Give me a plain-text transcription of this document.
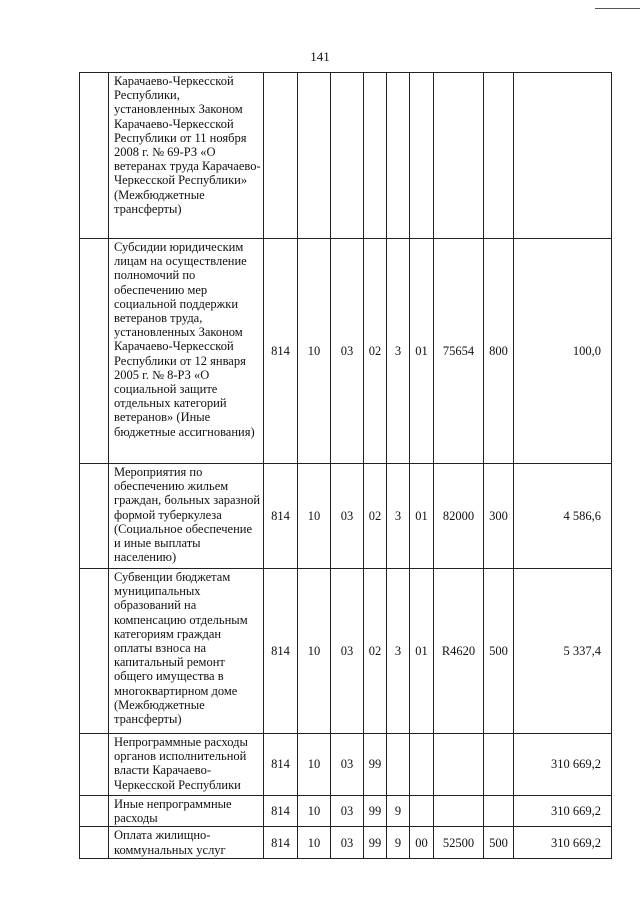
141
	Карачаево-Черкесской Республики, установленных Законом Карачаево-Черкесской Республики от 11 ноября 2008 г. № 69-РЗ «О ветеранах труда Карачаево-Черкесской Республики» (Межбюджетные трансферты)									
	Субсидии юридическим лицам на осуществление полномочий по обеспечению мер социальной поддержки ветеранов труда, установленных Законом Карачаево-Черкесской Республики от 12 января 2005 г. № 8-РЗ «О социальной защите отдельных категорий ветеранов» (Иные бюджетные ассигнования)	814	10	03	02	3	01	75654	800	100,0
	Мероприятия по обеспечению жильем граждан, больных заразной формой туберкулеза (Социальное обеспечение и иные выплаты населению)	814	10	03	02	3	01	82000	300	4 586,6
	Субвенции бюджетам муниципальных образований на компенсацию отдельным категориям граждан оплаты взноса на капитальный ремонт общего имущества в многоквартирном доме (Межбюджетные трансферты)	814	10	03	02	3	01	R4620	500	5 337,4
	Непрограммные расходы органов исполнительной власти Карачаево-Черкесской Республики	814	10	03	99					310 669,2
	Иные непрограммные расходы	814	10	03	99	9				310 669,2
	Оплата жилищно-коммунальных услуг	814	10	03	99	9	00	52500	500	310 669,2
